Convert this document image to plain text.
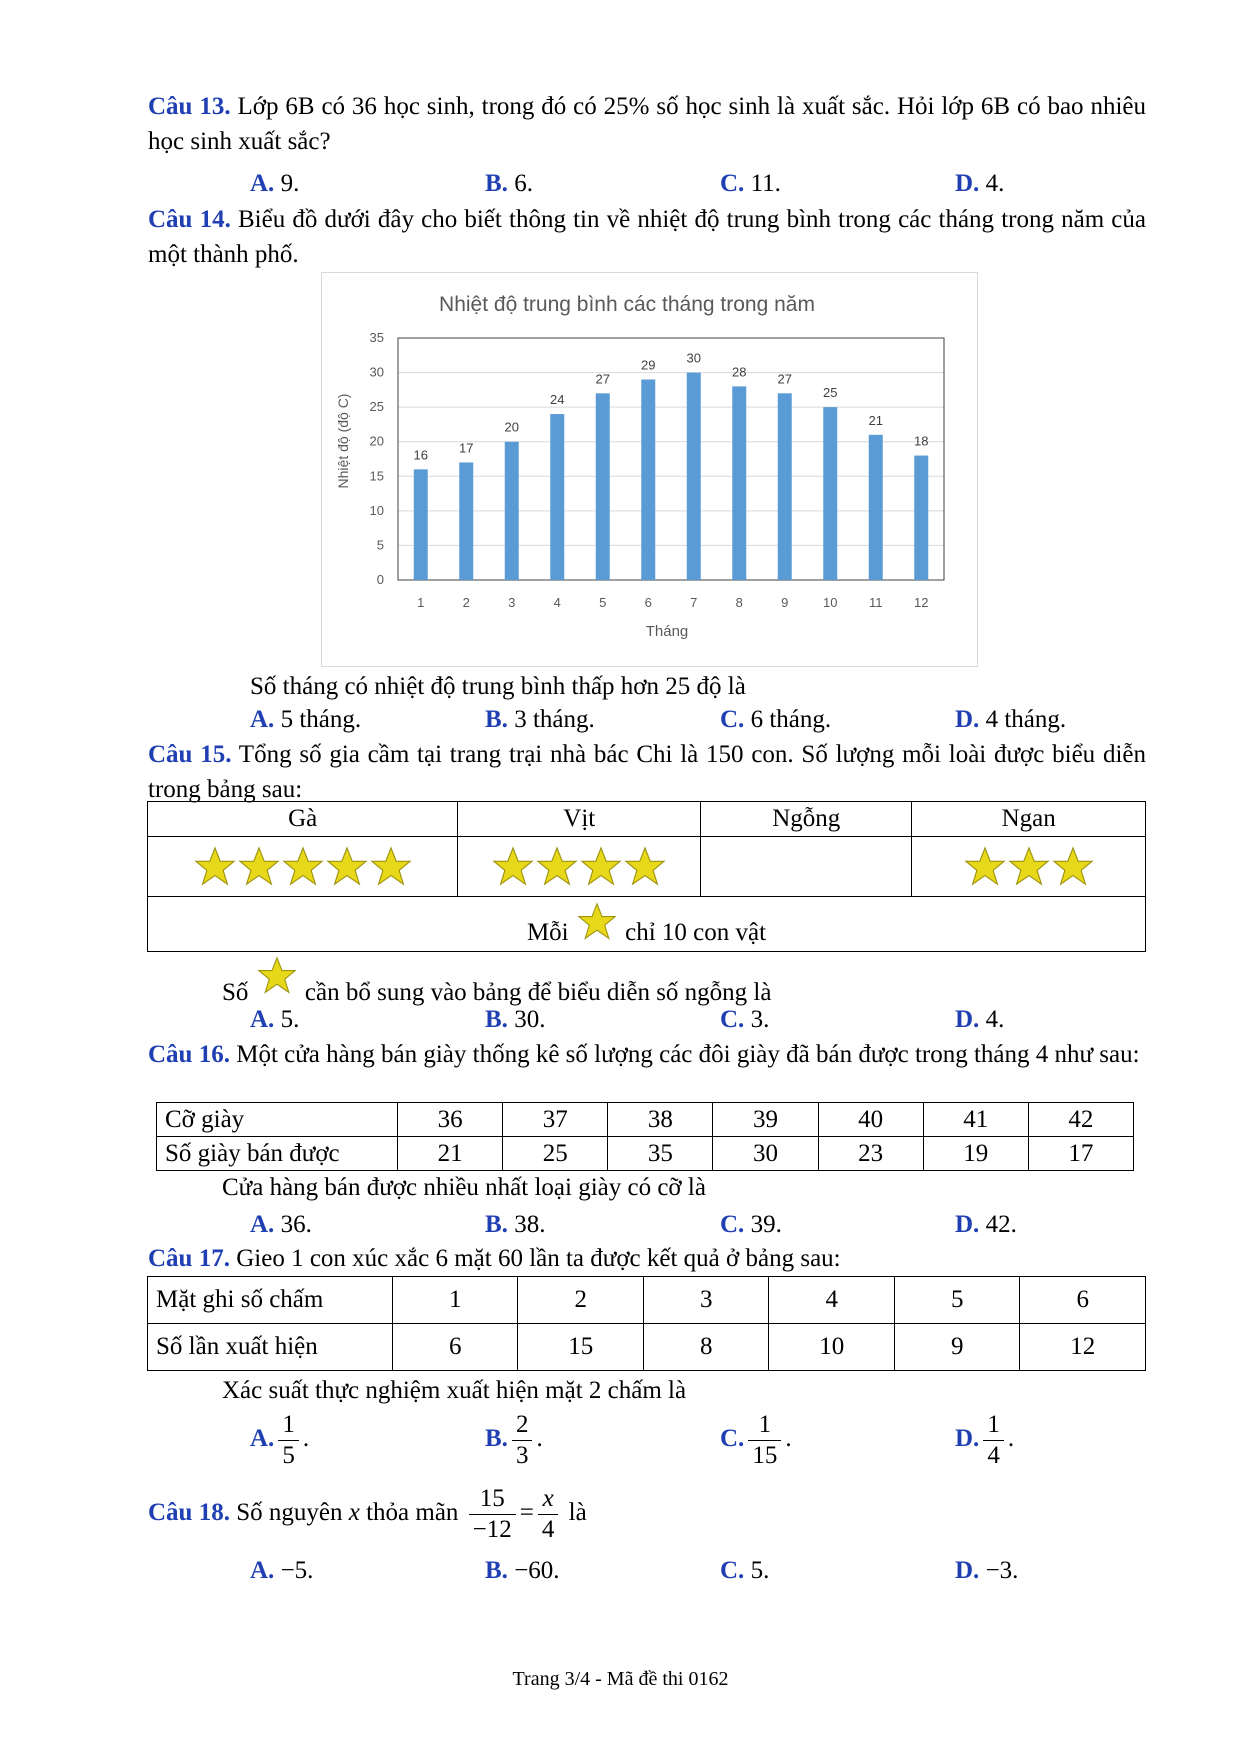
Câu 13. Lớp 6B có 36 học sinh, trong đó có 25% số học sinh là xuất sắc. Hỏi lớp 6B có bao nhiêu học sinh xuất sắc?
A. 9.	B. 6.	C. 11.	D. 4.
Câu 14. Biểu đồ dưới đây cho biết thông tin về nhiệt độ trung bình trong các tháng trong năm của một thành phố.
Nhiệt độ trung bình các tháng trong năm
16 17
20
24
27
29 30
28 27
25
21
18
1	2	3	4	5	6	7	8	9	10 11 12
0
5
10
15
20
25
30
35
Tháng
Nhiệt độ (độ C)
Số tháng có nhiệt độ trung bình thấp hơn 25 độ là
A. 5 tháng.	B. 3 tháng.	C. 6 tháng.	D. 4 tháng.
Câu 15. Tổng số gia cầm tại trang trại nhà bác Chi là 150 con. Số lượng mỗi loài được biểu diễn trong bảng sau:
Gà	Vịt	Ngỗng	Ngan

Mỗi chỉ 10 con vật			
Số cần bổ sung vào bảng để biểu diễn số ngỗng là
A. 5.	B. 30.	C. 3.	D. 4.
Câu 16. Một cửa hàng bán giày thống kê số lượng các đôi giày đã bán được trong tháng 4 như sau:
Cỡ giày	36	37	38	39	40	41	42
Số giày bán được	21	25	35	30	23	19	17
Cửa hàng bán được nhiều nhất loại giày có cỡ là
A. 36.	B. 38.	C. 39.	D. 42.
Câu 17. Gieo 1 con xúc xắc 6 mặt 60 lần ta được kết quả ở bảng sau:
Mặt ghi số chấm	1	2	3	4	5	6
Số lần xuất hiện	6	15	8	10	9	12
Xác suất thực nghiệm xuất hiện mặt 2 chấm là
A. $\frac{1}{5}$ .	B. $\frac{2}{3}$ .	C. $\frac{1}{15}$ .	D. $\frac{1}{4}$ .
Câu 18. Số nguyên x thỏa mãn $\frac{15}{-12} = \frac{x}{4}$ là
A. −5.	B. −60.	C. 5.	D. −3.
Trang 3/4 - Mã đề thi 0162
